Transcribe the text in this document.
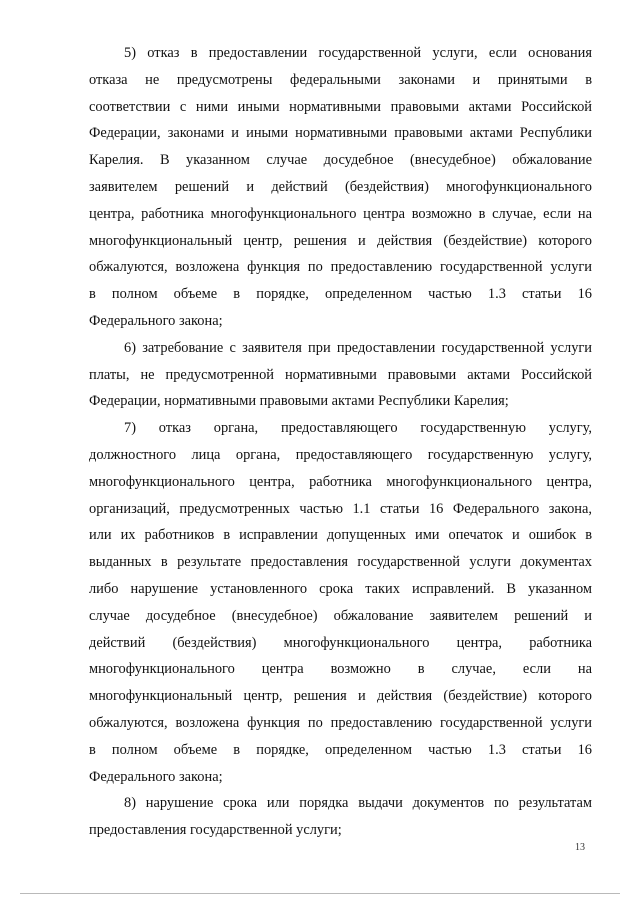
5) отказ в предоставлении государственной услуги, если основания
отказа не предусмотрены федеральными законами и принятыми в
соответствии с ними иными нормативными правовыми актами Российской
Федерации, законами и иными нормативными правовыми актами Республики
Карелия. В указанном случае досудебное (внесудебное) обжалование
заявителем решений и действий (бездействия) многофункционального
центра, работника многофункционального центра возможно в случае, если на
многофункциональный центр, решения и действия (бездействие) которого
обжалуются, возложена функция по предоставлению государственной услуги
в полном объеме в порядке, определенном частью 1.3 статьи 16
Федерального закона;
6) затребование с заявителя при предоставлении государственной услуги
платы, не предусмотренной нормативными правовыми актами Российской
Федерации, нормативными правовыми актами Республики Карелия;
7) отказ органа, предоставляющего государственную услугу,
должностного лица органа, предоставляющего государственную услугу,
многофункционального центра, работника многофункционального центра,
организаций, предусмотренных частью 1.1 статьи 16 Федерального закона,
или их работников в исправлении допущенных ими опечаток и ошибок в
выданных в результате предоставления государственной услуги документах
либо нарушение установленного срока таких исправлений. В указанном
случае досудебное (внесудебное) обжалование заявителем решений и
действий (бездействия) многофункционального центра, работника
многофункционального центра возможно в случае, если на
многофункциональный центр, решения и действия (бездействие) которого
обжалуются, возложена функция по предоставлению государственной услуги
в полном объеме в порядке, определенном частью 1.3 статьи 16
Федерального закона;
8) нарушение срока или порядка выдачи документов по результатам
предоставления государственной услуги;
13
